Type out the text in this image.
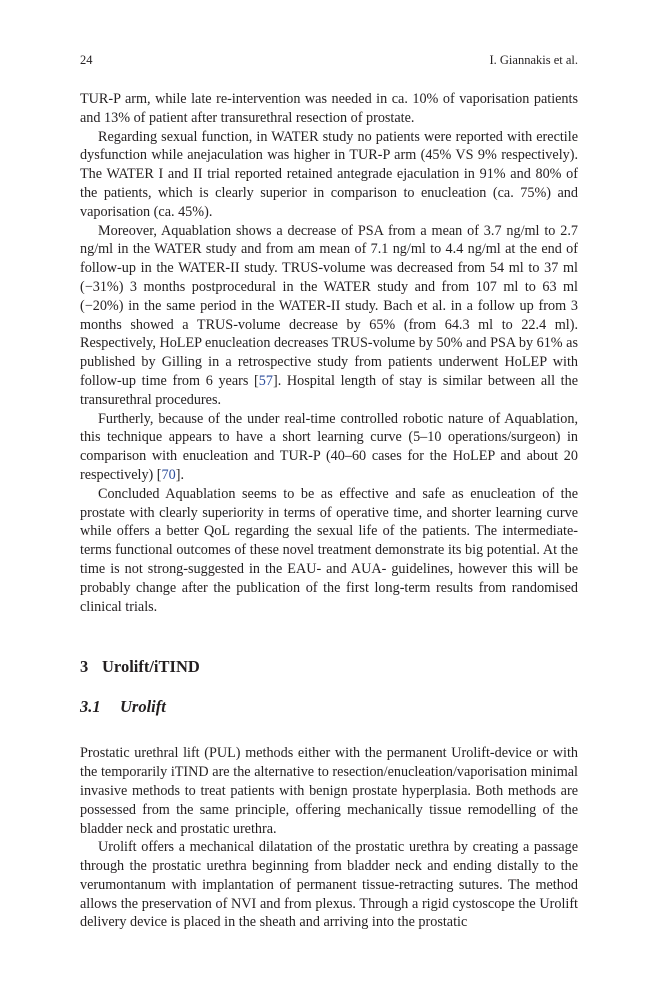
24	I. Giannakis et al.

TUR-P arm, while late re-intervention was needed in ca. 10% of vaporisation patients and 13% of patient after transurethral resection of prostate.

Regarding sexual function, in WATER study no patients were reported with erectile dysfunction while anejaculation was higher in TUR-P arm (45% VS 9% respectively). The WATER I and II trial reported retained antegrade ejaculation in 91% and 80% of the patients, which is clearly superior in comparison to enucleation (ca. 75%) and vaporisation (ca. 45%).

Moreover, Aquablation shows a decrease of PSA from a mean of 3.7 ng/ml to 2.7 ng/ml in the WATER study and from am mean of 7.1 ng/ml to 4.4 ng/ml at the end of follow-up in the WATER-II study. TRUS-volume was decreased from 54 ml to 37 ml (−31%) 3 months postprocedural in the WATER study and from 107 ml to 63 ml (−20%) in the same period in the WATER-II study. Bach et al. in a follow up from 3 months showed a TRUS-volume decrease by 65% (from 64.3 ml to 22.4 ml). Respectively, HoLEP enucleation decreases TRUS-volume by 50% and PSA by 61% as published by Gilling in a retrospective study from patients underwent HoLEP with follow-up time from 6 years [57]. Hospital length of stay is similar between all the transurethral procedures.

Furtherly, because of the under real-time controlled robotic nature of Aquablation, this technique appears to have a short learning curve (5–10 operations/surgeon) in comparison with enucleation and TUR-P (40–60 cases for the HoLEP and about 20 respectively) [70].

Concluded Aquablation seems to be as effective and safe as enucleation of the prostate with clearly superiority in terms of operative time, and shorter learning curve while offers a better QoL regarding the sexual life of the patients. The intermediate-terms functional outcomes of these novel treatment demonstrate its big potential. At the time is not strong-suggested in the EAU- and AUA- guidelines, however this will be probably change after the publication of the first long-term results from randomised clinical trials.

3 Urolift/iTIND
3.1	Urolift

Prostatic urethral lift (PUL) methods either with the permanent Urolift-device or with the temporarily iTIND are the alternative to resection/enucleation/vaporisation minimal invasive methods to treat patients with benign prostate hyperplasia. Both methods are possessed from the same principle, offering mechanically tissue remodelling of the bladder neck and prostatic urethra.

Urolift offers a mechanical dilatation of the prostatic urethra by creating a passage through the prostatic urethra beginning from bladder neck and ending distally to the verumontanum with implantation of permanent tissue-retracting sutures. The method allows the preservation of NVI and from plexus. Through a rigid cystoscope the Urolift delivery device is placed in the sheath and arriving into the prostatic
